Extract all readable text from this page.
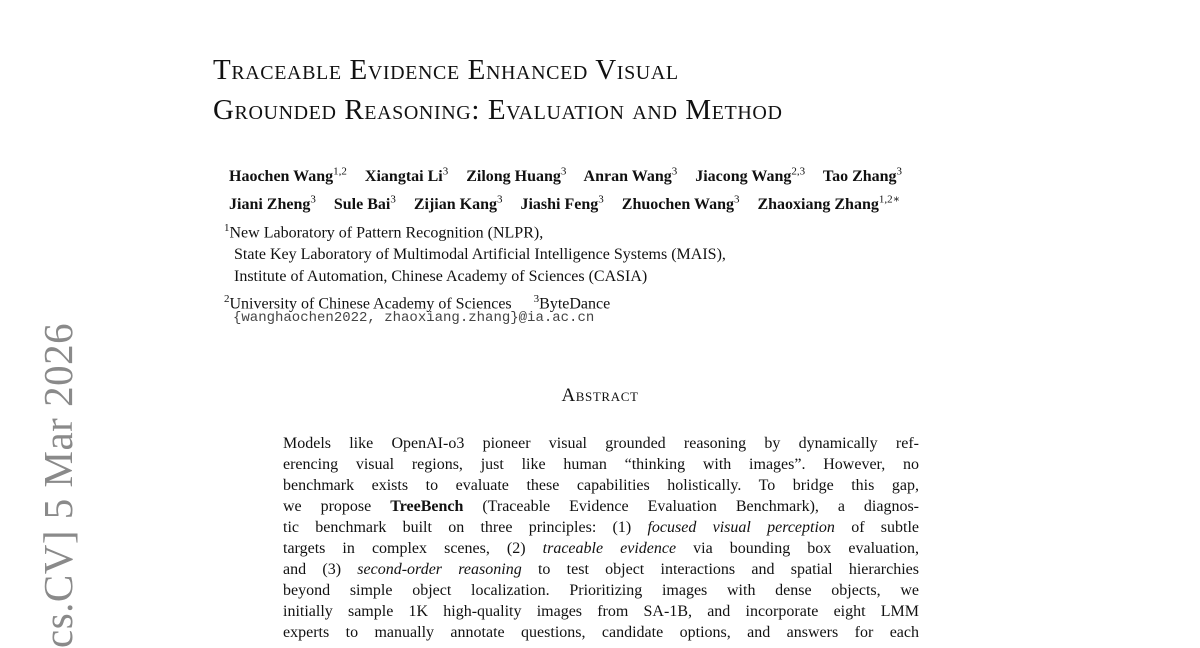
cs.CV] 5 Mar 2026
Traceable Evidence Enhanced Visual
Grounded Reasoning: Evaluation and Method
Haochen Wang$^{1,2}$ Xiangtai Li$^3$ Zilong Huang$^3$ Anran Wang$^3$ Jiacong Wang$^{2,3}$ Tao Zhang$^3$
Jiani Zheng$^3$ Sule Bai$^3$ Zijian Kang$^3$ Jiashi Feng$^3$ Zhuochen Wang$^3$ Zhaoxiang Zhang$^{1,2∗}$
$^1$New Laboratory of Pattern Recognition (NLPR),
State Key Laboratory of Multimodal Artificial Intelligence Systems (MAIS),
Institute of Automation, Chinese Academy of Sciences (CASIA)
$^2$University of Chinese Academy of Sciences $^3$ByteDance
{wanghaochen2022, zhaoxiang.zhang}@ia.ac.cn
Abstract
Models like OpenAI-o3 pioneer visual grounded reasoning by dynamically ref-
erencing visual regions, just like human “thinking with images”. However, no
benchmark exists to evaluate these capabilities holistically. To bridge this gap,
we propose TreeBench (Traceable Evidence Evaluation Benchmark), a diagnos-
tic benchmark built on three principles: (1) focused visual perception of subtle
targets in complex scenes, (2) traceable evidence via bounding box evaluation,
and (3) second-order reasoning to test object interactions and spatial hierarchies
beyond simple object localization. Prioritizing images with dense objects, we
initially sample 1K high-quality images from SA-1B, and incorporate eight LMM
experts to manually annotate questions, candidate options, and answers for each
